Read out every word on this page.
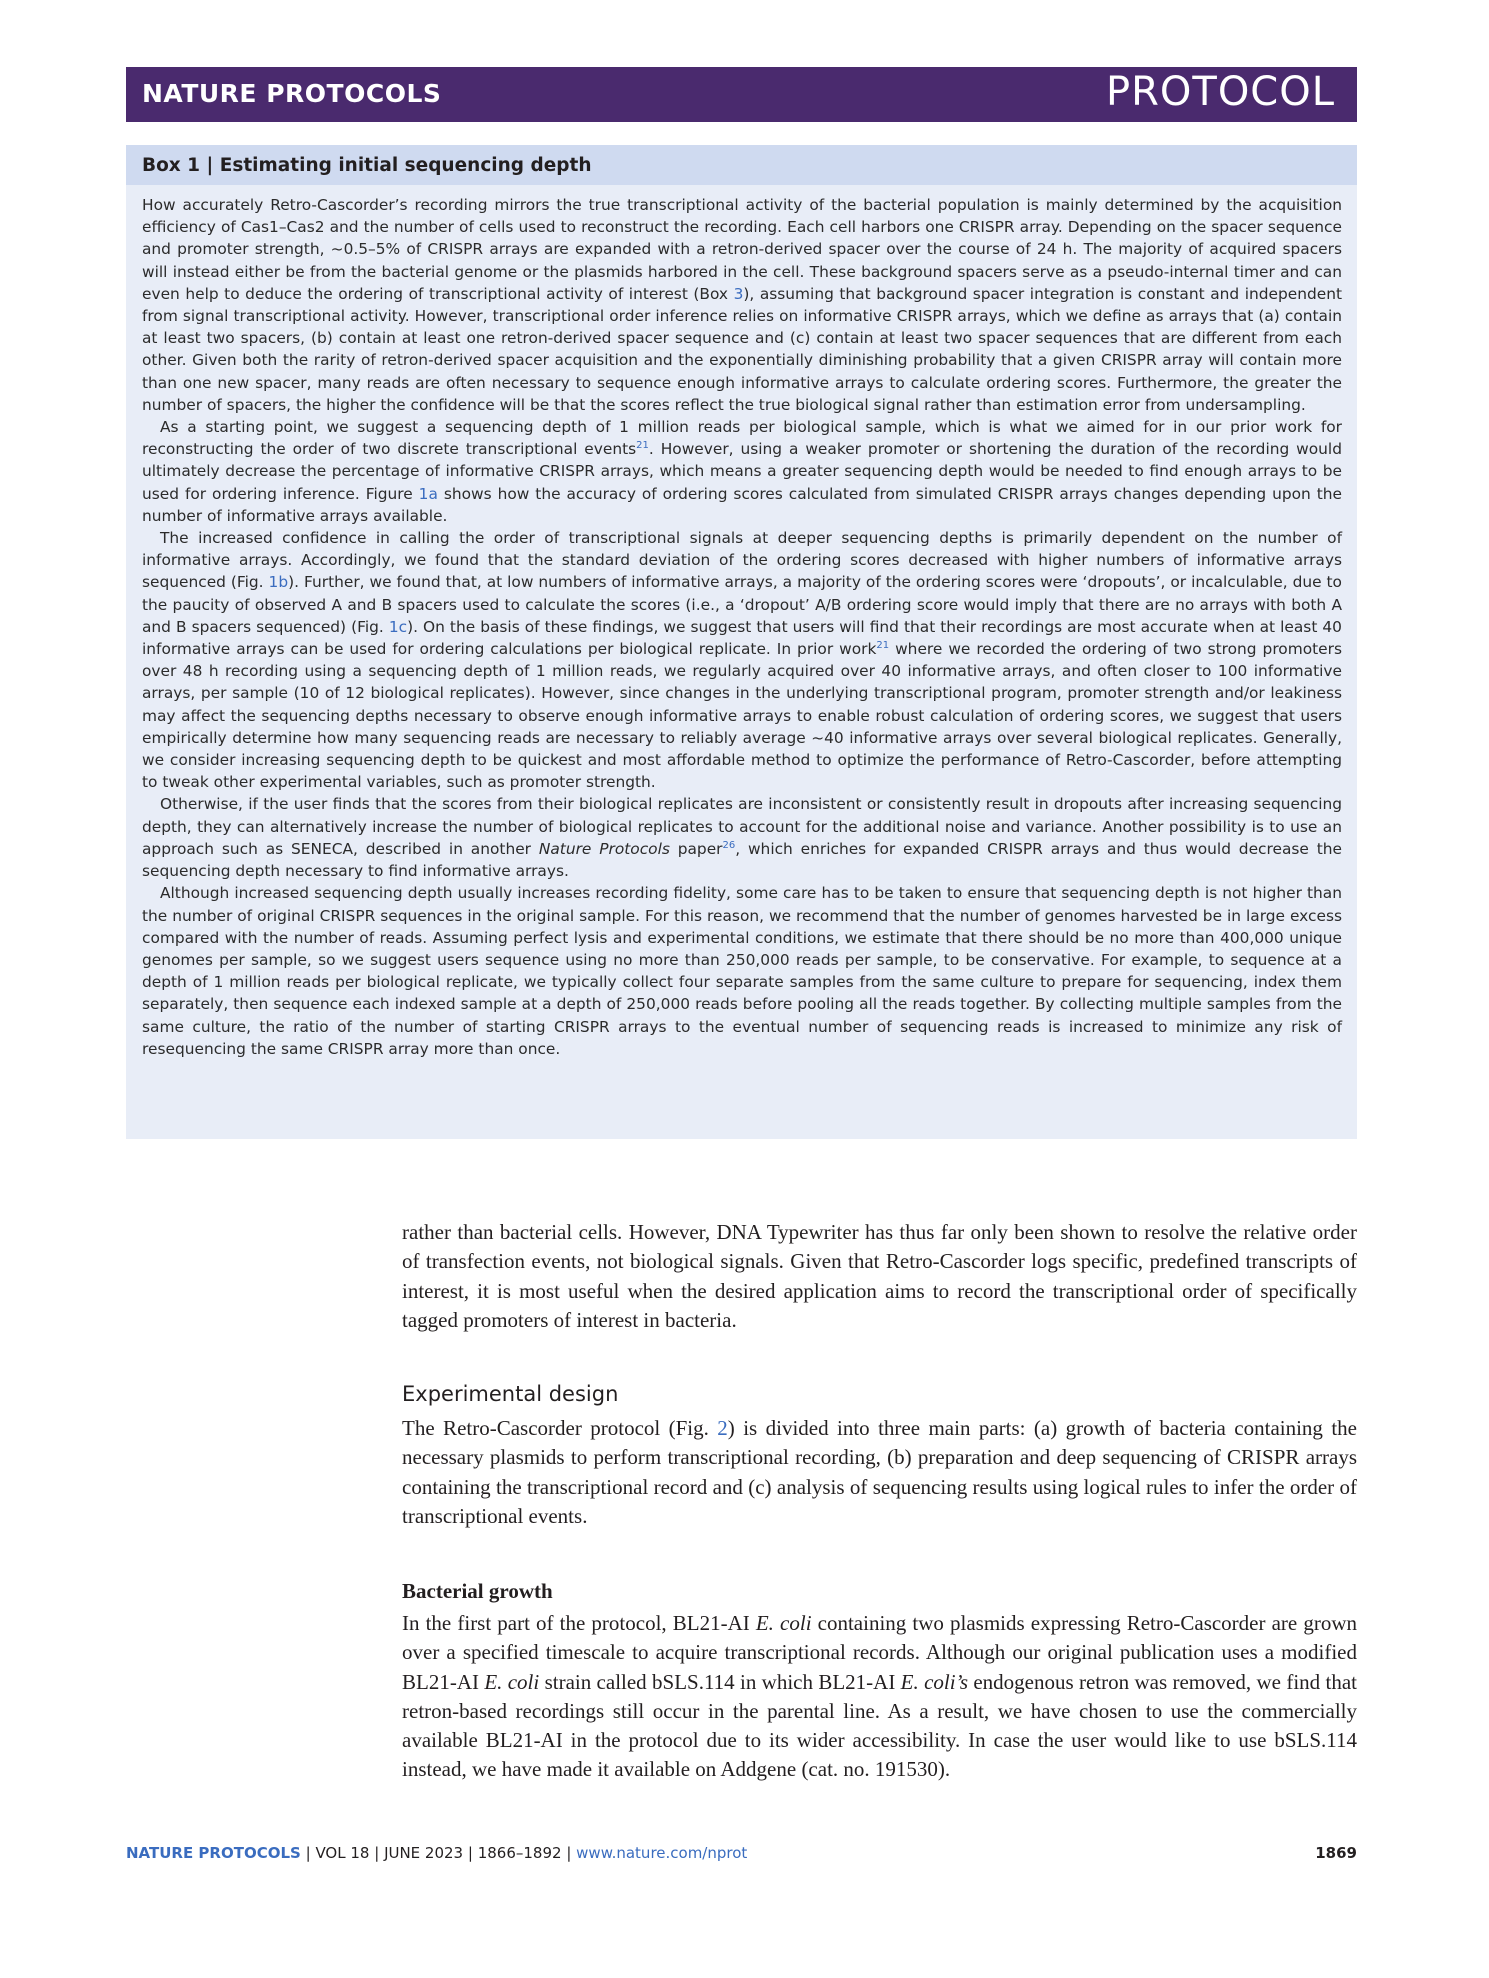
NATURE PROTOCOLS	PROTOCOL
Box 1 | Estimating initial sequencing depth

How accurately Retro-Cascorder’s recording mirrors the true transcriptional activity of the bacterial population is mainly determined by the acquisition efficiency of Cas1–Cas2 and the number of cells used to reconstruct the recording. Each cell harbors one CRISPR array. Depending on the spacer sequence and promoter strength, ~0.5–5% of CRISPR arrays are expanded with a retron-derived spacer over the course of 24 h. The majority of acquired spacers will instead either be from the bacterial genome or the plasmids harbored in the cell. These background spacers serve as a pseudo-internal timer and can even help to deduce the ordering of transcriptional activity of interest (Box 3), assuming that background spacer integration is constant and independent from signal transcriptional activity. However, transcriptional order inference relies on informative CRISPR arrays, which we define as arrays that (a) contain at least two spacers, (b) contain at least one retron-derived spacer sequence and (c) contain at least two spacer sequences that are different from each other. Given both the rarity of retron-derived spacer acquisition and the exponentially diminishing probability that a given CRISPR array will contain more than one new spacer, many reads are often necessary to sequence enough informative arrays to calculate ordering scores. Furthermore, the greater the number of spacers, the higher the confidence will be that the scores reflect the true biological signal rather than estimation error from undersampling.

As a starting point, we suggest a sequencing depth of 1 million reads per biological sample, which is what we aimed for in our prior work for reconstructing the order of two discrete transcriptional events$^{21}$. However, using a weaker promoter or shortening the duration of the recording would ultimately decrease the percentage of informative CRISPR arrays, which means a greater sequencing depth would be needed to find enough arrays to be used for ordering inference. Figure 1a shows how the accuracy of ordering scores calculated from simulated CRISPR arrays changes depending upon the number of informative arrays available.

The increased confidence in calling the order of transcriptional signals at deeper sequencing depths is primarily dependent on the number of informative arrays. Accordingly, we found that the standard deviation of the ordering scores decreased with higher numbers of informative arrays sequenced (Fig. 1b). Further, we found that, at low numbers of informative arrays, a majority of the ordering scores were ‘dropouts’, or incalculable, due to the paucity of observed A and B spacers used to calculate the scores (i.e., a ‘dropout’ A/B ordering score would imply that there are no arrays with both A and B spacers sequenced) (Fig. 1c). On the basis of these findings, we suggest that users will find that their recordings are most accurate when at least 40 informative arrays can be used for ordering calculations per biological replicate. In prior work$^{21}$ where we recorded the ordering of two strong promoters over 48 h recording using a sequencing depth of 1 million reads, we regularly acquired over 40 informative arrays, and often closer to 100 informative arrays, per sample (10 of 12 biological replicates). However, since changes in the underlying transcriptional program, promoter strength and/or leakiness may affect the sequencing depths necessary to observe enough informative arrays to enable robust calculation of ordering scores, we suggest that users empirically determine how many sequencing reads are necessary to reliably average ~40 informative arrays over several biological replicates. Generally, we consider increasing sequencing depth to be quickest and most affordable method to optimize the performance of Retro-Cascorder, before attempting to tweak other experimental variables, such as promoter strength.

Otherwise, if the user finds that the scores from their biological replicates are inconsistent or consistently result in dropouts after increasing sequencing depth, they can alternatively increase the number of biological replicates to account for the additional noise and variance. Another possibility is to use an approach such as SENECA, described in another Nature Protocols paper$^{26}$, which enriches for expanded CRISPR arrays and thus would decrease the sequencing depth necessary to find informative arrays.

Although increased sequencing depth usually increases recording fidelity, some care has to be taken to ensure that sequencing depth is not higher than the number of original CRISPR sequences in the original sample. For this reason, we recommend that the number of genomes harvested be in large excess compared with the number of reads. Assuming perfect lysis and experimental conditions, we estimate that there should be no more than 400,000 unique genomes per sample, so we suggest users sequence using no more than 250,000 reads per sample, to be conservative. For example, to sequence at a depth of 1 million reads per biological replicate, we typically collect four separate samples from the same culture to prepare for sequencing, index them separately, then sequence each indexed sample at a depth of 250,000 reads before pooling all the reads together. By collecting multiple samples from the same culture, the ratio of the number of starting CRISPR arrays to the eventual number of sequencing reads is increased to minimize any risk of resequencing the same CRISPR array more than once.

rather than bacterial cells. However, DNA Typewriter has thus far only been shown to resolve the relative order of transfection events, not biological signals. Given that Retro-Cascorder logs specific, predefined transcripts of interest, it is most useful when the desired application aims to record the transcriptional order of specifically tagged promoters of interest in bacteria.

Experimental design

The Retro-Cascorder protocol (Fig. 2) is divided into three main parts: (a) growth of bacteria containing the necessary plasmids to perform transcriptional recording, (b) preparation and deep sequencing of CRISPR arrays containing the transcriptional record and (c) analysis of sequencing results using logical rules to infer the order of transcriptional events.

Bacterial growth

In the first part of the protocol, BL21-AI E. coli containing two plasmids expressing Retro-Cascorder are grown over a specified timescale to acquire transcriptional records. Although our original publication uses a modified BL21-AI E. coli strain called bSLS.114 in which BL21-AI E. coli’s endogenous retron was removed, we find that retron-based recordings still occur in the parental line. As a result, we have chosen to use the commercially available BL21-AI in the protocol due to its wider accessibility. In case the user would like to use bSLS.114 instead, we have made it available on Addgene (cat. no. 191530).

NATURE PROTOCOLS | VOL 18 | JUNE 2023 | 1866–1892 | www.nature.com/nprot	1869
